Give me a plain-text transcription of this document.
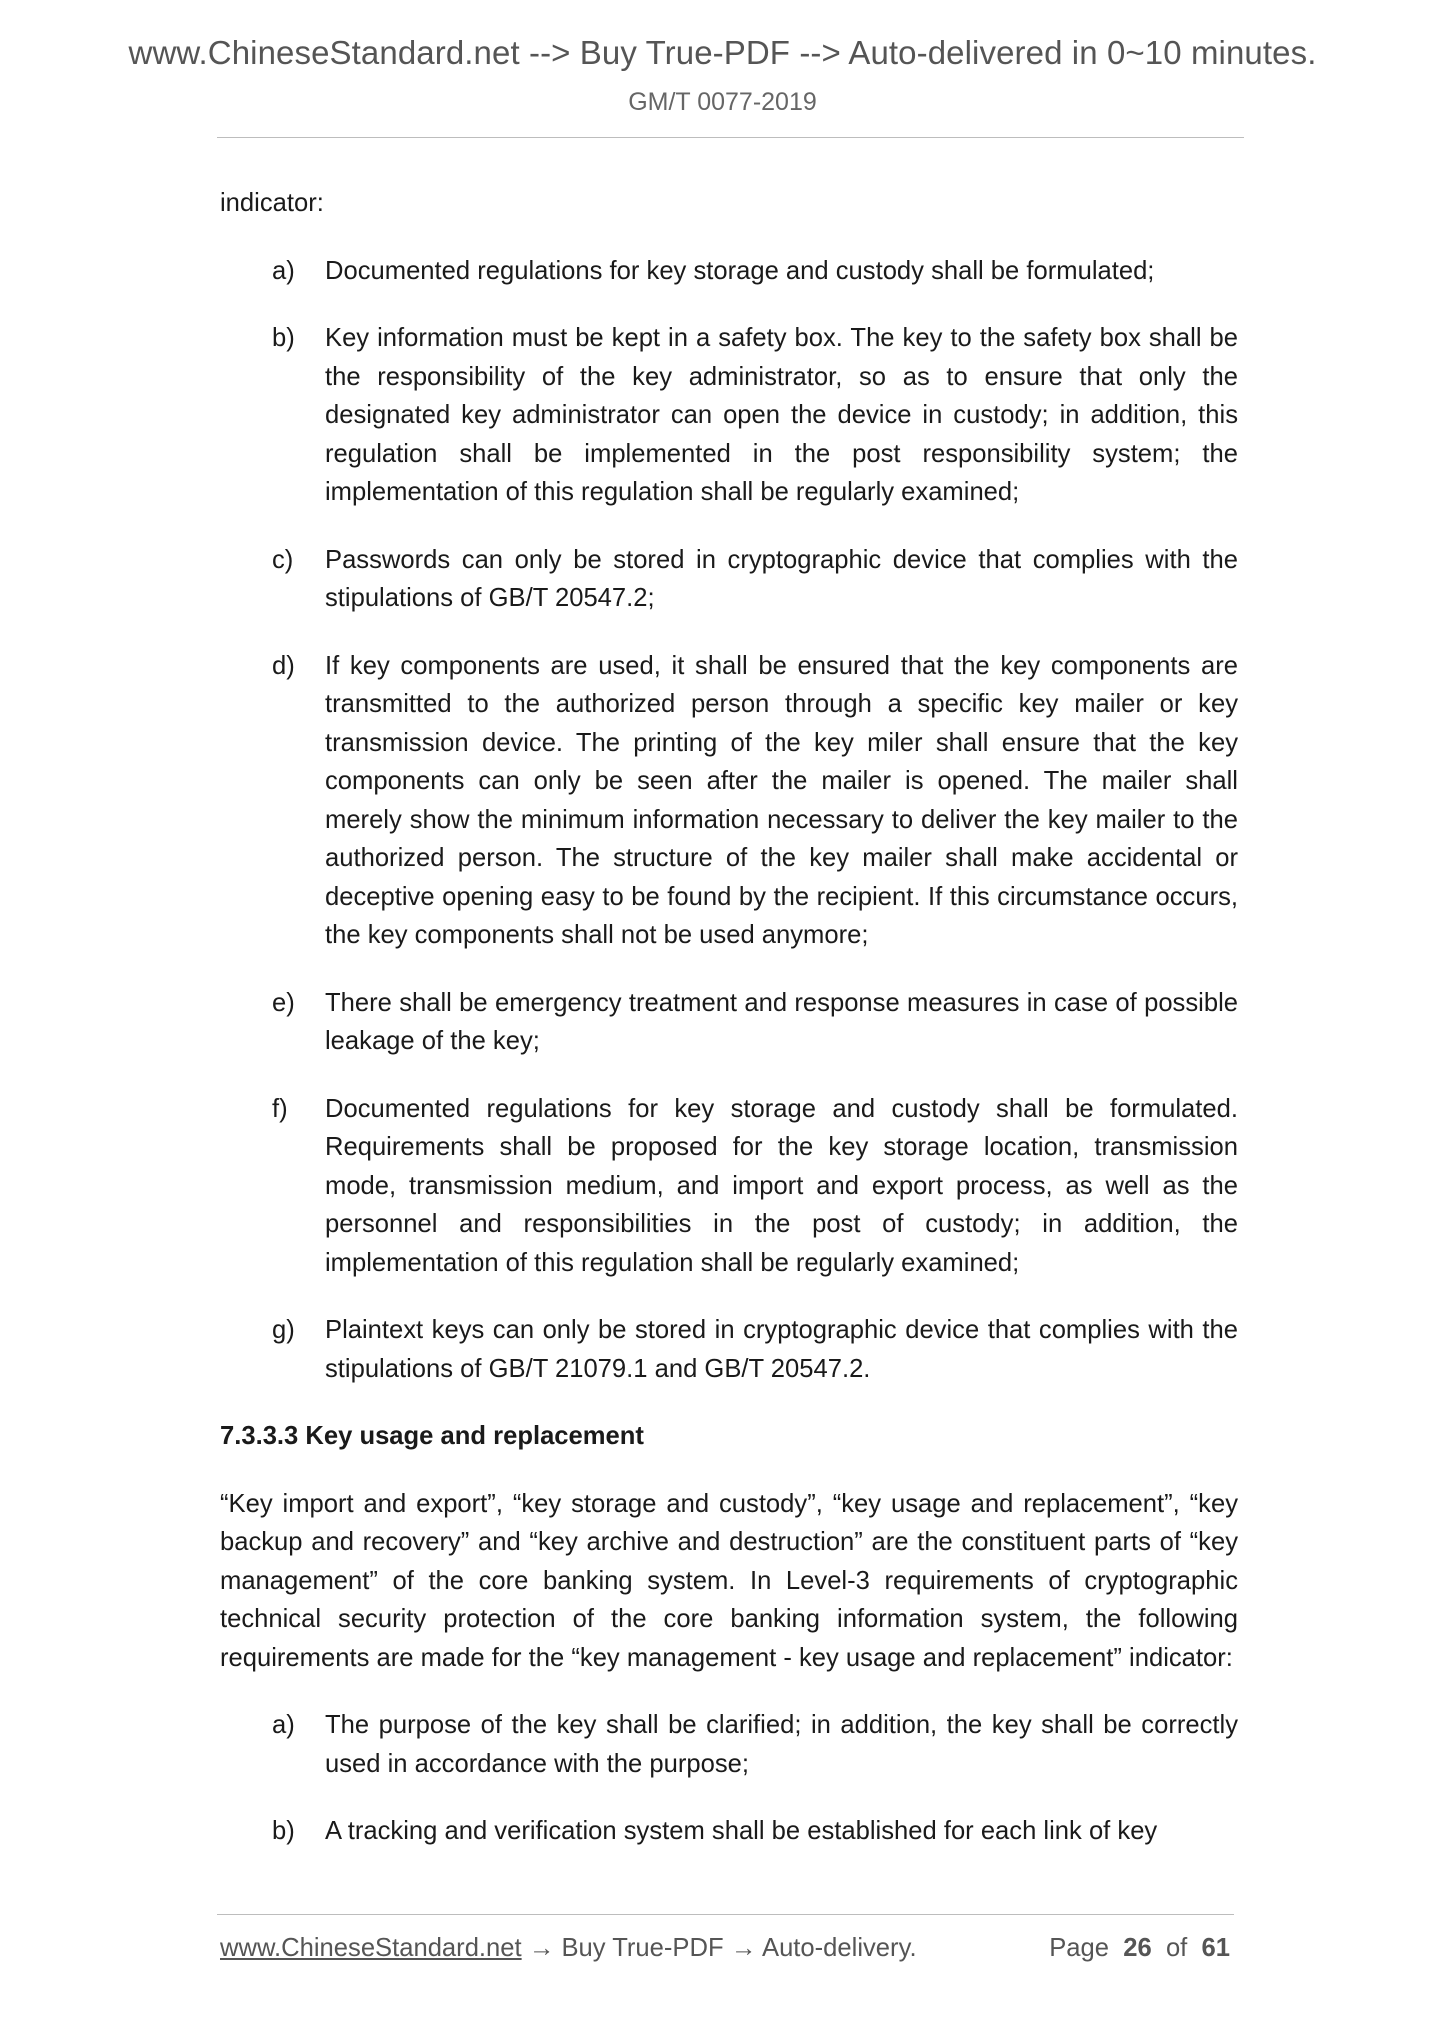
www.ChineseStandard.net --> Buy True-PDF --> Auto-delivered in 0~10 minutes.
GM/T 0077-2019

indicator:

a) Documented regulations for key storage and custody shall be formulated;
b) Key information must be kept in a safety box. The key to the safety box shall be the responsibility of the key administrator, so as to ensure that only the designated key administrator can open the device in custody; in addition, this regulation shall be implemented in the post responsibility system; the implementation of this regulation shall be regularly examined;
c) Passwords can only be stored in cryptographic device that complies with the stipulations of GB/T 20547.2;
d) If key components are used, it shall be ensured that the key components are transmitted to the authorized person through a specific key mailer or key transmission device. The printing of the key miler shall ensure that the key components can only be seen after the mailer is opened. The mailer shall merely show the minimum information necessary to deliver the key mailer to the authorized person. The structure of the key mailer shall make accidental or deceptive opening easy to be found by the recipient. If this circumstance occurs, the key components shall not be used anymore;
e) There shall be emergency treatment and response measures in case of possible leakage of the key;
f) Documented regulations for key storage and custody shall be formulated. Requirements shall be proposed for the key storage location, transmission mode, transmission medium, and import and export process, as well as the personnel and responsibilities in the post of custody; in addition, the implementation of this regulation shall be regularly examined;
g) Plaintext keys can only be stored in cryptographic device that complies with the stipulations of GB/T 21079.1 and GB/T 20547.2.

7.3.3.3 Key usage and replacement

“Key import and export”, “key storage and custody”, “key usage and replacement”, “key backup and recovery” and “key archive and destruction” are the constituent parts of “key management” of the core banking system. In Level-3 requirements of cryptographic technical security protection of the core banking information system, the following requirements are made for the “key management - key usage and replacement” indicator:

a) The purpose of the key shall be clarified; in addition, the key shall be correctly used in accordance with the purpose;
b) A tracking and verification system shall be established for each link of key
www.ChineseStandard.net → Buy True-PDF → Auto-delivery.	Page 26 of 61
